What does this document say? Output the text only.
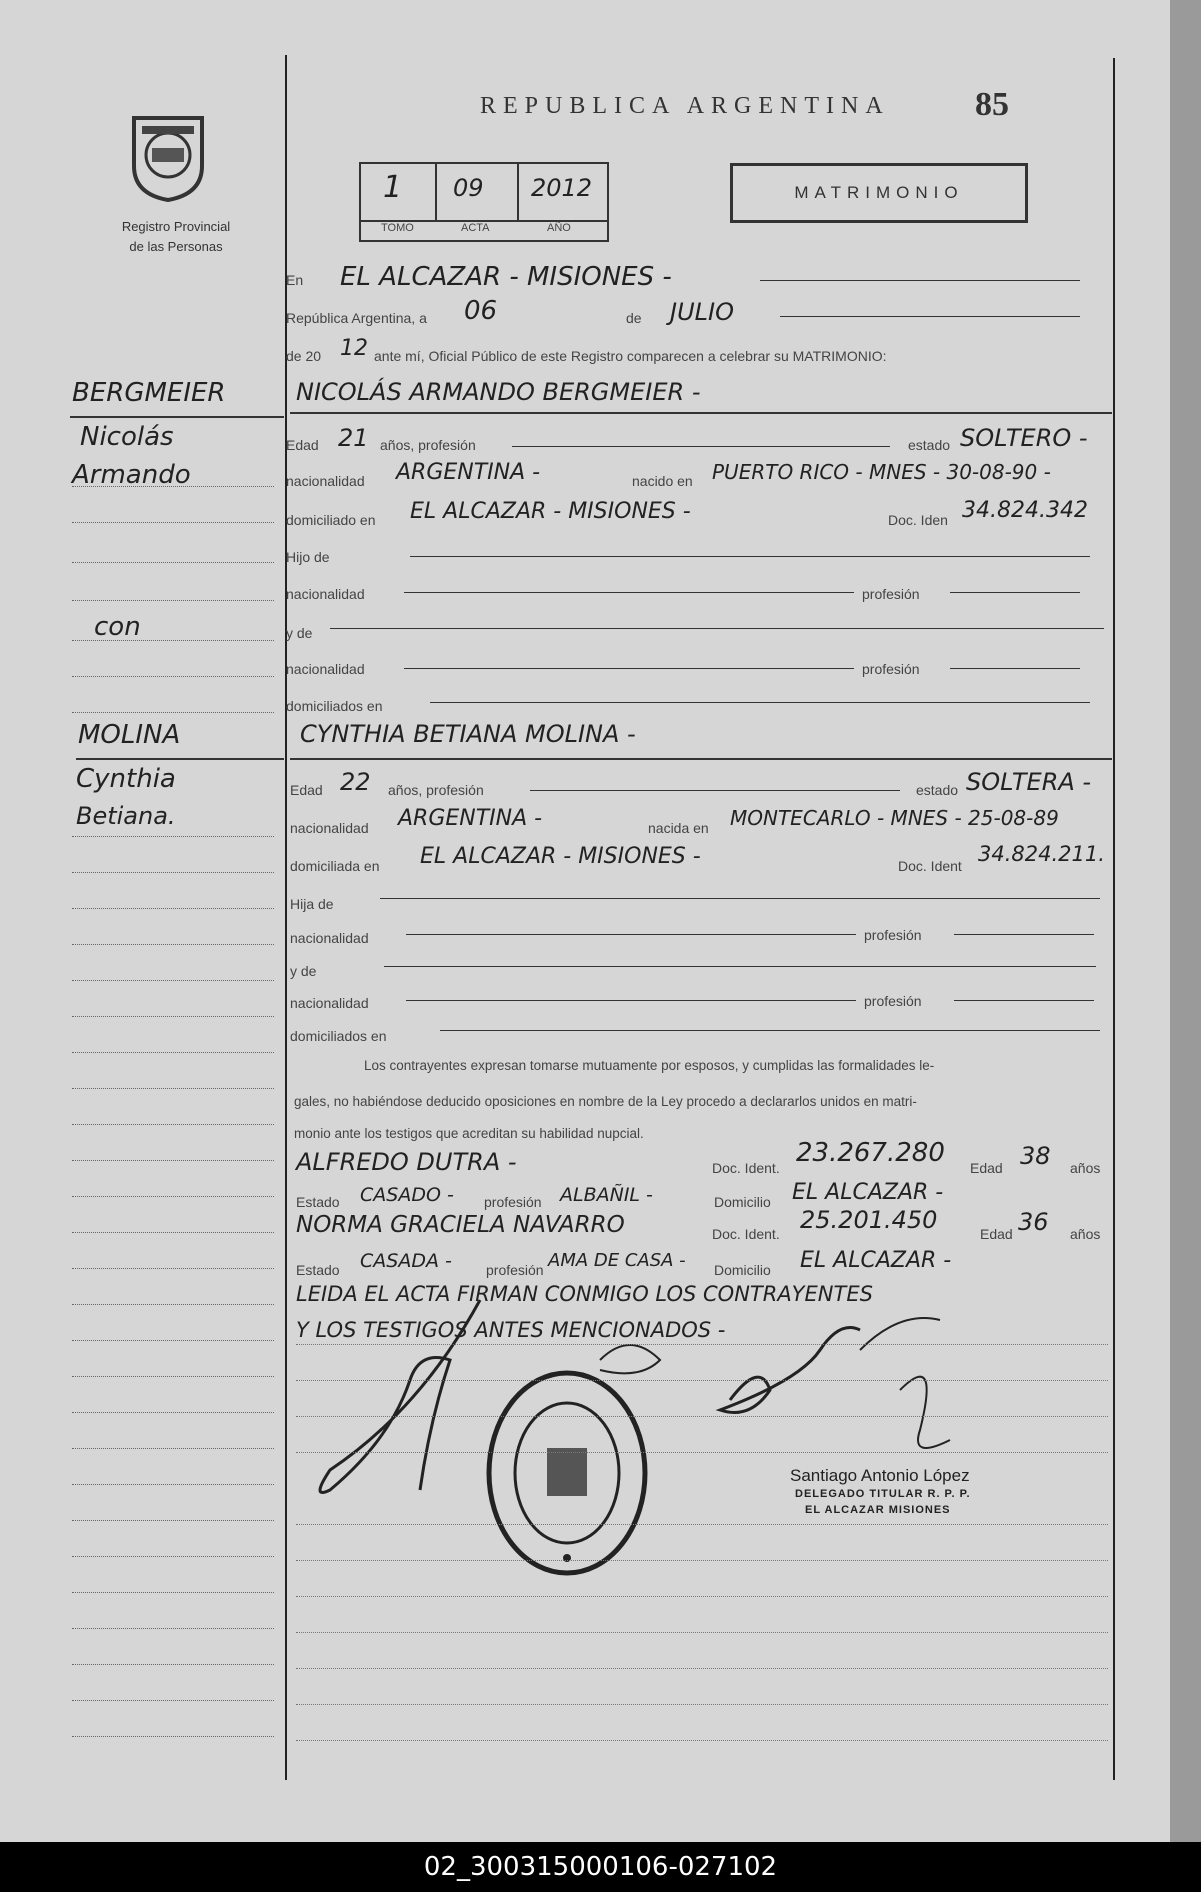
Registro Provincial
de las Personas
REPUBLICA ARGENTINA	85
MATRIMONIO
1 09 2012
TOMO	ACTA	AÑO
En EL ALCAZAR - MISIONES -
República Argentina, a 06	de JULIO
de 20 12 ante mí, Oficial Público de este Registro comparecen a celebrar su MATRIMONIO:
NICOLÁS ARMANDO BERGMEIER -
Edad 21 años, profesión	estado SOLTERO -
nacionalidad ARGENTINA -	nacido en PUERTO RICO - MNES - 30-08-90 -
domiciliado en EL ALCAZAR - MISIONES -	Doc. Iden 34.824.342
Hijo de
nacionalidad	profesión
y de
nacionalidad	profesión
domiciliados en
CYNTHIA BETIANA MOLINA -
Edad 22 años, profesión	estado SOLTERA -
nacionalidad ARGENTINA -	nacida en MONTECARLO - MNES - 25-08-89
domiciliada en EL ALCAZAR - MISIONES -	Doc. Ident 34.824.211.
Hija de
nacionalidad	profesión
y de
nacionalidad	profesión
domiciliados en
Los contrayentes expresan tomarse mutuamente por esposos, y cumplidas las formalidades le-
gales, no habiéndose deducido oposiciones en nombre de la Ley procedo a declararlos unidos en matri-
monio ante los testigos que acreditan su habilidad nupcial.
ALFREDO DUTRA -	Doc. Ident. 23.267.280 Edad 38 años
Estado CASADO - profesión ALBAÑIL -	Domicilio EL ALCAZAR -
NORMA GRACIELA NAVARRO	Doc. Ident. 25.201.450	Edad 36 años
Estado CASADA - profesión AMA DE CASA - Domicilio EL ALCAZAR -
LEIDA EL ACTA FIRMAN CONMIGO LOS CONTRAYENTES
Y LOS TESTIGOS ANTES MENCIONADOS -
Santiago Antonio López
DELEGADO TITULAR R. P. P.
EL ALCAZAR MISIONES
BERGMEIER
Nicolás
Armando
con
MOLINA
Cynthia
Betiana.
02_300315000106-027102
